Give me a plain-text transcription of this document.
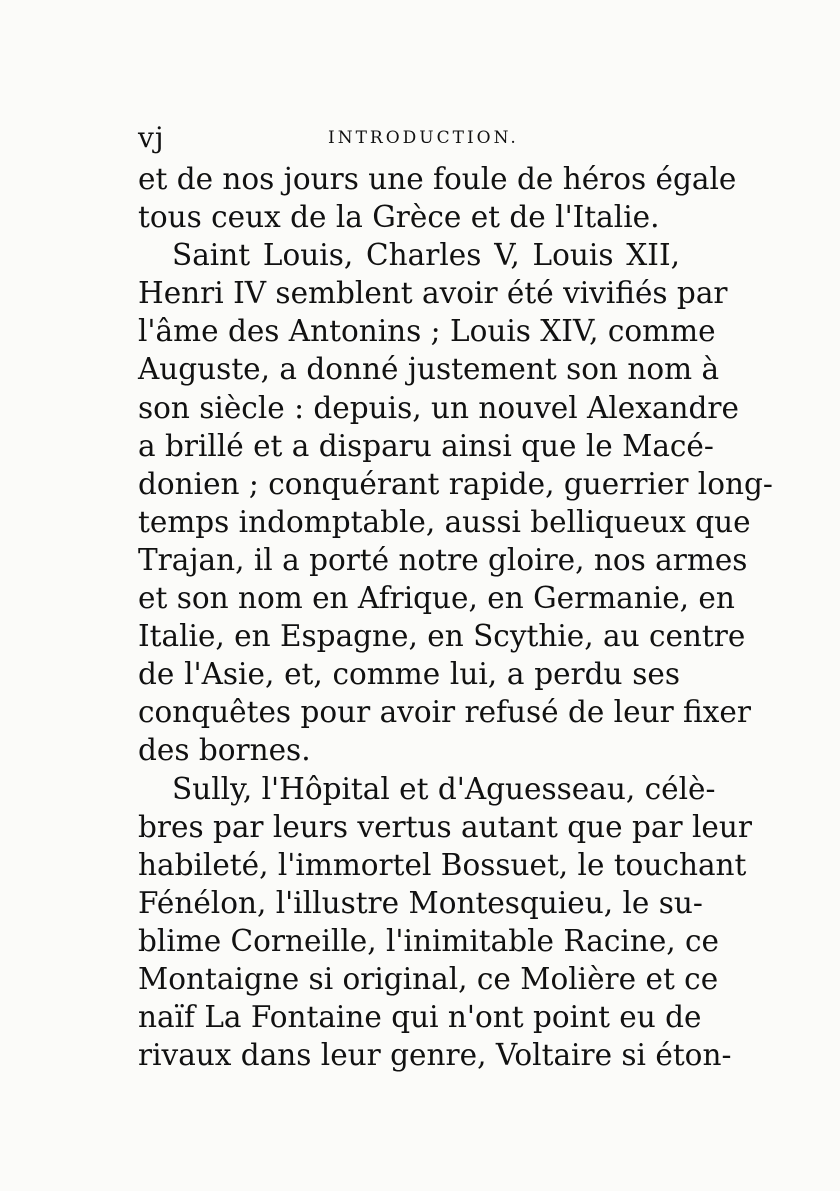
vj	INTRODUCTION.
et de nos jours une foule de héros égale
tous ceux de la Grèce et de l'Italie.
Saint Louis, Charles V, Louis XII,
Henri IV semblent avoir été vivifiés par
l'âme des Antonins ; Louis XIV, comme
Auguste, a donné justement son nom à
son siècle : depuis, un nouvel Alexandre
a brillé et a disparu ainsi que le Macé-
donien ; conquérant rapide, guerrier long-
temps indomptable, aussi belliqueux que
Trajan, il a porté notre gloire, nos armes
et son nom en Afrique, en Germanie, en
Italie, en Espagne, en Scythie, au centre
de l'Asie, et, comme lui, a perdu ses
conquêtes pour avoir refusé de leur fixer
des bornes.
Sully, l'Hôpital et d'Aguesseau, célè-
bres par leurs vertus autant que par leur
habileté, l'immortel Bossuet, le touchant
Fénélon, l'illustre Montesquieu, le su-
blime Corneille, l'inimitable Racine, ce
Montaigne si original, ce Molière et ce
naïf La Fontaine qui n'ont point eu de
rivaux dans leur genre, Voltaire si éton-
